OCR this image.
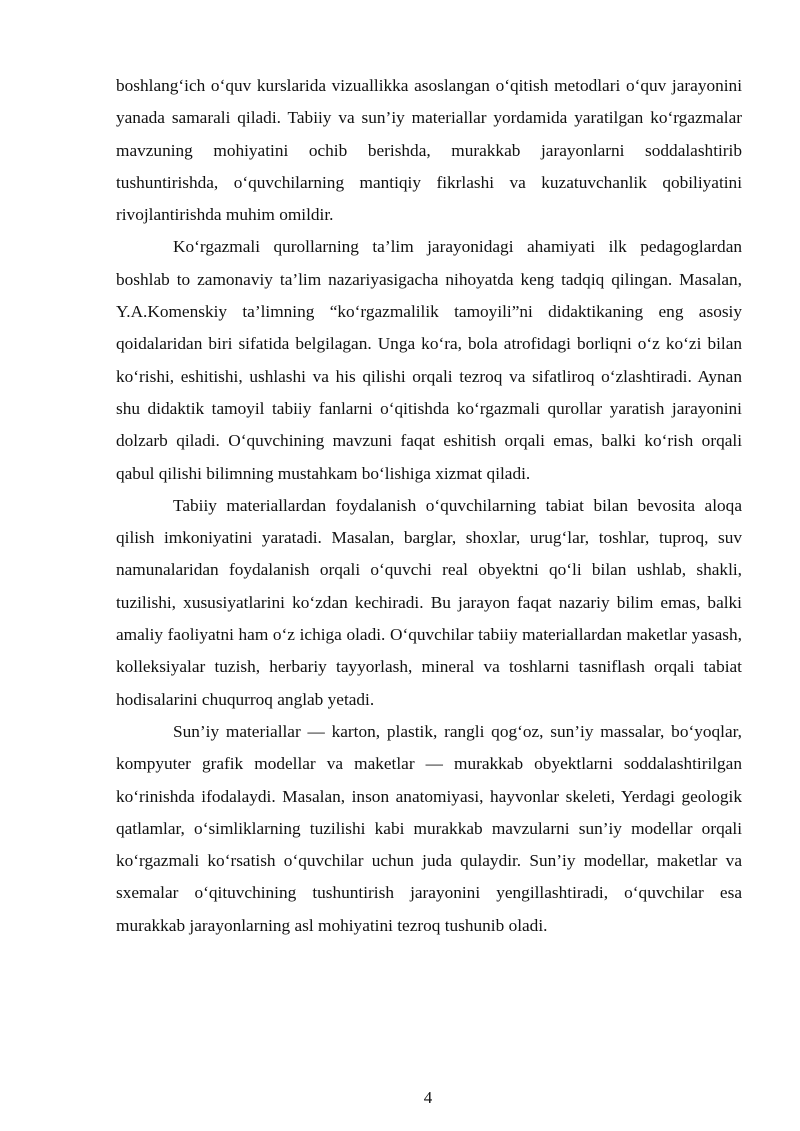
boshlang‘ich o‘quv kurslarida vizuallikka asoslangan o‘qitish metodlari o‘quv jarayonini yanada samarali qiladi. Tabiiy va sun’iy materiallar yordamida yaratilgan ko‘rgazmalar mavzuning mohiyatini ochib berishda, murakkab jarayonlarni soddalashtirib tushuntirishda, o‘quvchilarning mantiqiy fikrlashi va kuzatuvchanlik qobiliyatini rivojlantirishda muhim omildir.

Ko‘rgazmali qurollarning ta’lim jarayonidagi ahamiyati ilk pedagoglardan boshlab to zamonaviy ta’lim nazariyasigacha nihoyatda keng tadqiq qilingan. Masalan, Y.A.Komenskiy ta’limning “ko‘rgazmalilik tamoyili”ni didaktikaning eng asosiy qoidalaridan biri sifatida belgilagan. Unga ko‘ra, bola atrofidagi borliqni o‘z ko‘zi bilan ko‘rishi, eshitishi, ushlashi va his qilishi orqali tezroq va sifatliroq o‘zlashtiradi. Aynan shu didaktik tamoyil tabiiy fanlarni o‘qitishda ko‘rgazmali qurollar yaratish jarayonini dolzarb qiladi. O‘quvchining mavzuni faqat eshitish orqali emas, balki ko‘rish orqali qabul qilishi bilimning mustahkam bo‘lishiga xizmat qiladi.

Tabiiy materiallardan foydalanish o‘quvchilarning tabiat bilan bevosita aloqa qilish imkoniyatini yaratadi. Masalan, barglar, shoxlar, urug‘lar, toshlar, tuproq, suv namunalaridan foydalanish orqali o‘quvchi real obyektni qo‘li bilan ushlab, shakli, tuzilishi, xususiyatlarini ko‘zdan kechiradi. Bu jarayon faqat nazariy bilim emas, balki amaliy faoliyatni ham o‘z ichiga oladi. O‘quvchilar tabiiy materiallardan maketlar yasash, kolleksiyalar tuzish, herbariy tayyorlash, mineral va toshlarni tasniflash orqali tabiat hodisalarini chuqurroq anglab yetadi.

Sun’iy materiallar — karton, plastik, rangli qog‘oz, sun’iy massalar, bo‘yoqlar, kompyuter grafik modellar va maketlar — murakkab obyektlarni soddalashtirilgan ko‘rinishda ifodalaydi. Masalan, inson anatomiyasi, hayvonlar skeleti, Yerdagi geologik qatlamlar, o‘simliklarning tuzilishi kabi murakkab mavzularni sun’iy modellar orqali ko‘rgazmali ko‘rsatish o‘quvchilar uchun juda qulaydir. Sun’iy modellar, maketlar va sxemalar o‘qituvchining tushuntirish jarayonini yengillashtiradi, o‘quvchilar esa murakkab jarayonlarning asl mohiyatini tezroq tushunib oladi.

4
